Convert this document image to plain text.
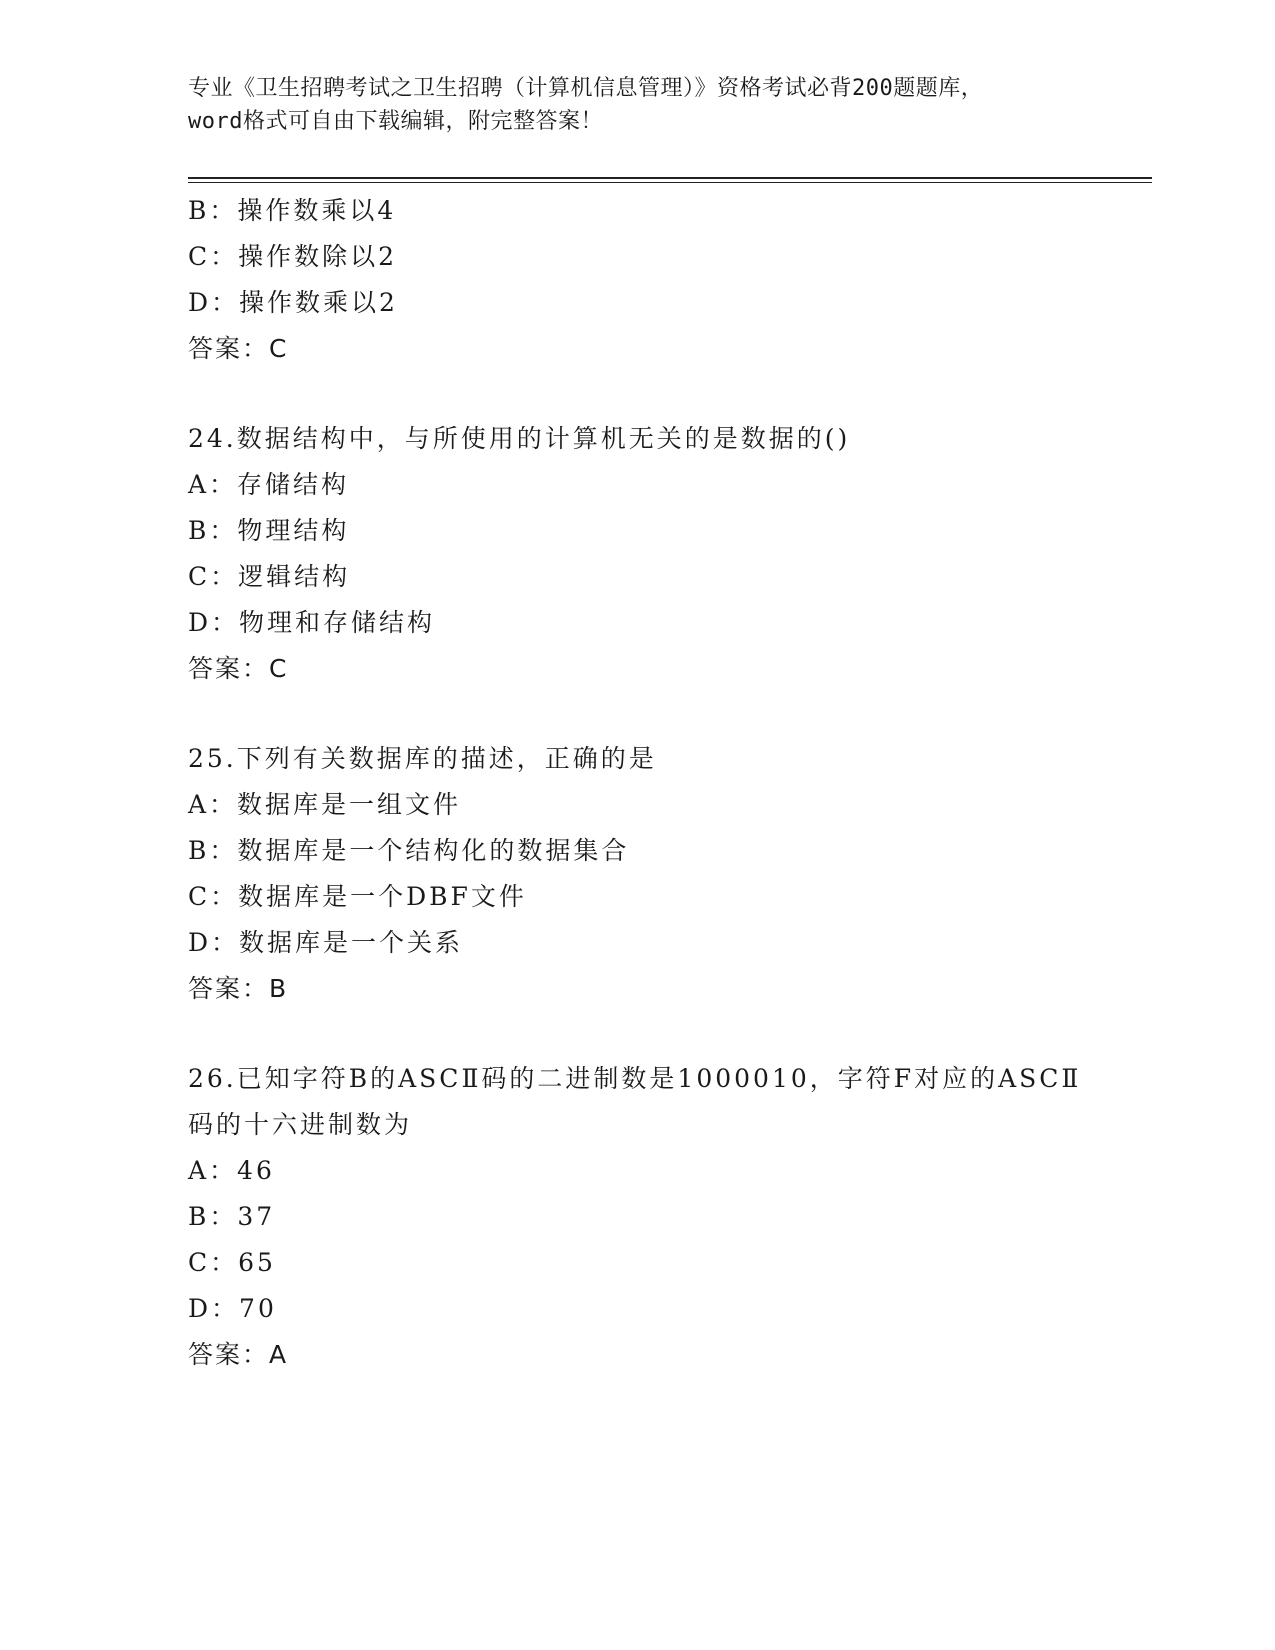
专业《卫生招聘考试之卫生招聘（计算机信息管理）》资格考试必背200题题库，
word格式可自由下载编辑，附完整答案！
B：操作数乘以4
C：操作数除以2
D：操作数乘以2
答案：C
24.数据结构中，与所使用的计算机无关的是数据的()
A：存储结构
B：物理结构
C：逻辑结构
D：物理和存储结构
答案：C
25.下列有关数据库的描述，正确的是
A：数据库是一组文件
B：数据库是一个结构化的数据集合
C：数据库是一个DBF文件
D：数据库是一个关系
答案：B
26.已知字符B的ASCⅡ码的二进制数是1000010，字符F对应的ASCⅡ
码的十六进制数为
A：46
B：37
C：65
D：70
答案：A
